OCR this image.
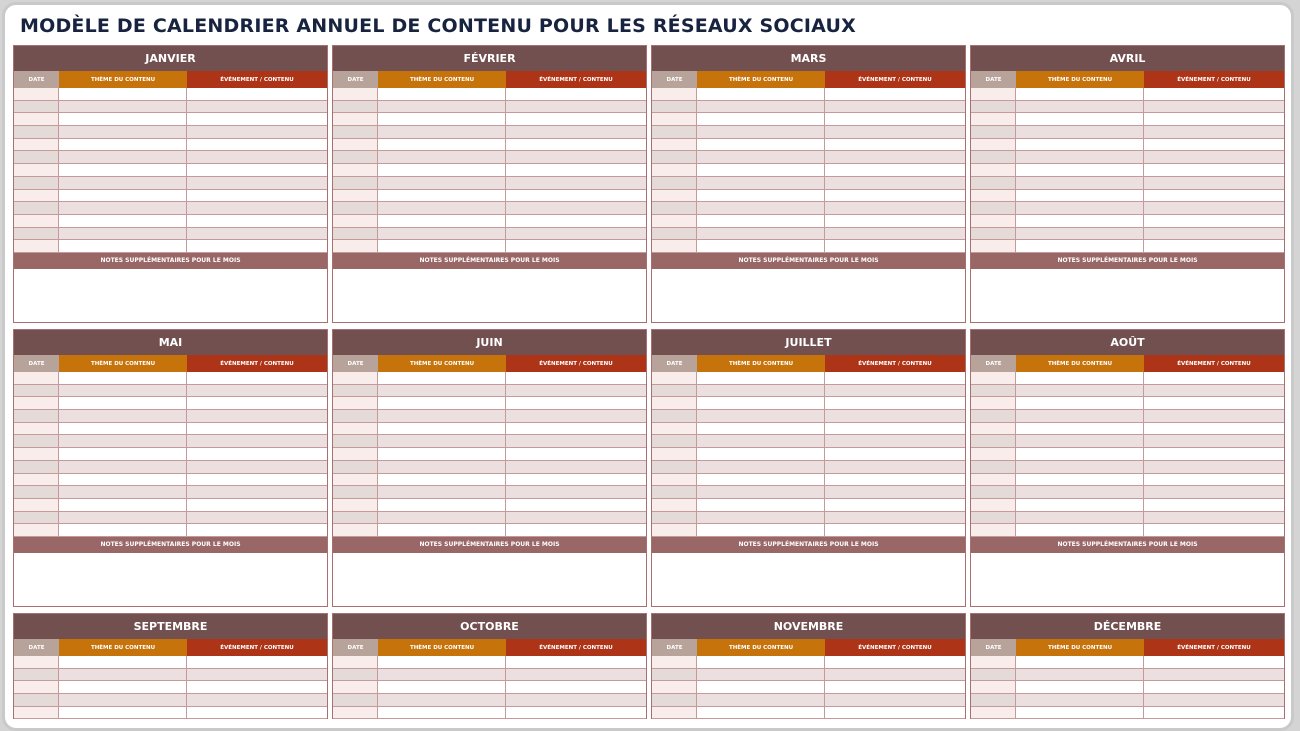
MODÈLE DE CALENDRIER ANNUEL DE CONTENU POUR LES RÉSEAUX SOCIAUX
JANVIER
DATE	THÈME DU CONTENU	ÉVÉNEMENT / CONTENU
NOTES SUPPLÉMENTAIRES POUR LE MOIS
FÉVRIER
DATE	THÈME DU CONTENU	ÉVÉNEMENT / CONTENU
NOTES SUPPLÉMENTAIRES POUR LE MOIS
MARS
DATE	THÈME DU CONTENU	ÉVÉNEMENT / CONTENU
NOTES SUPPLÉMENTAIRES POUR LE MOIS
AVRIL
DATE	THÈME DU CONTENU	ÉVÉNEMENT / CONTENU
NOTES SUPPLÉMENTAIRES POUR LE MOIS
MAI
DATE	THÈME DU CONTENU	ÉVÉNEMENT / CONTENU
NOTES SUPPLÉMENTAIRES POUR LE MOIS
JUIN
DATE	THÈME DU CONTENU	ÉVÉNEMENT / CONTENU
NOTES SUPPLÉMENTAIRES POUR LE MOIS
JUILLET
DATE	THÈME DU CONTENU	ÉVÉNEMENT / CONTENU
NOTES SUPPLÉMENTAIRES POUR LE MOIS
AOÛT
DATE	THÈME DU CONTENU	ÉVÉNEMENT / CONTENU
NOTES SUPPLÉMENTAIRES POUR LE MOIS
SEPTEMBRE
DATE	THÈME DU CONTENU	ÉVÉNEMENT / CONTENU
OCTOBRE
DATE	THÈME DU CONTENU	ÉVÉNEMENT / CONTENU
NOVEMBRE
DATE	THÈME DU CONTENU	ÉVÉNEMENT / CONTENU
DÉCEMBRE
DATE	THÈME DU CONTENU	ÉVÉNEMENT / CONTENU
